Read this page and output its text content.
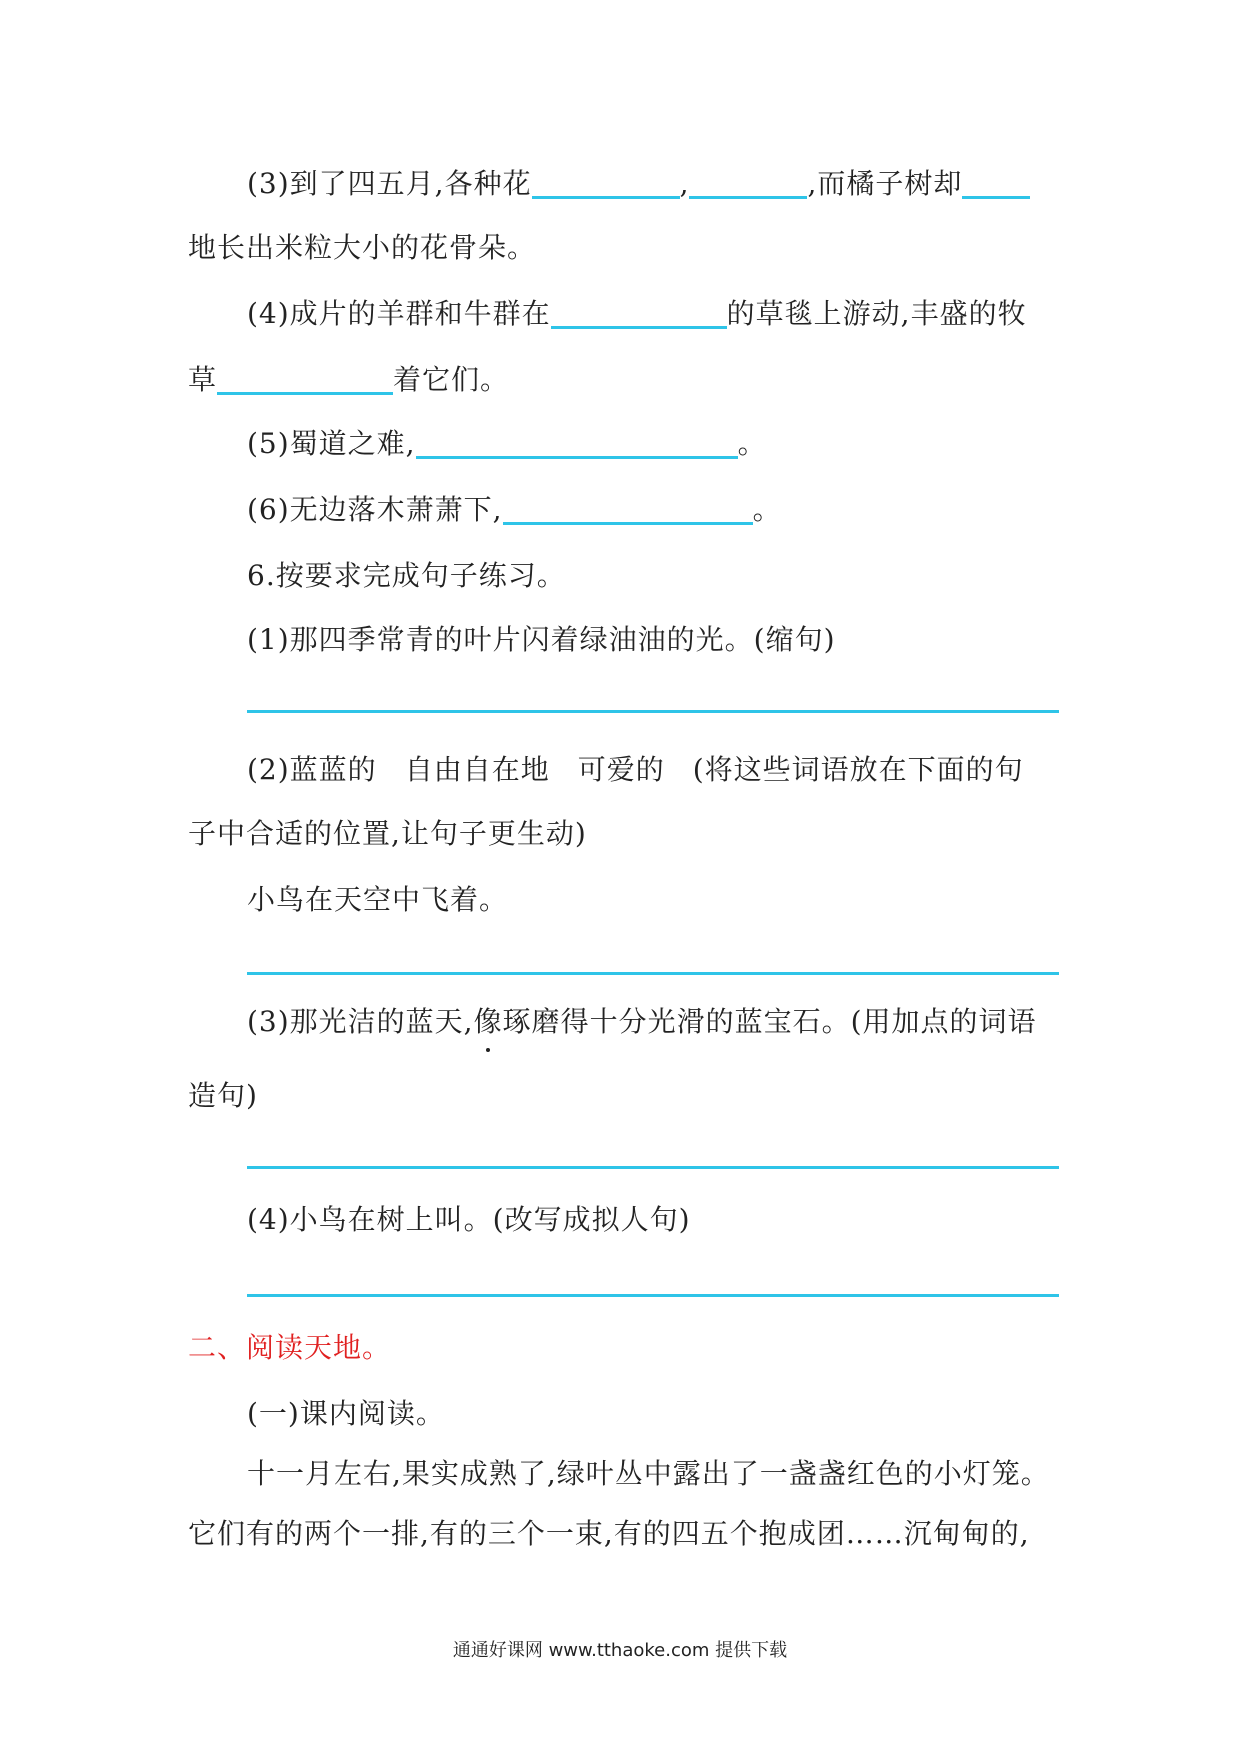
(3)到了四五月,各种花	,	,而橘子树却
地长出米粒大小的花骨朵。
(4)成片的羊群和牛群在	的草毯上游动,丰盛的牧
草	着它们。
(5)蜀道之难,	。
(6)无边落木萧萧下,	。
6.按要求完成句子练习。
(1)那四季常青的叶片闪着绿油油的光。(缩句)
(2)蓝蓝的 自由自在地 可爱的 (将这些词语放在下面的句
子中合适的位置,让句子更生动)
小鸟在天空中飞着。
(3)那光洁的蓝天,像琢磨得十分光滑的蓝宝石。(用加点的词语
造句)
(4)小鸟在树上叫。(改写成拟人句)
二、阅读天地。
(一)课内阅读。
十一月左右,果实成熟了,绿叶丛中露出了一盏盏红色的小灯笼。
它们有的两个一排,有的三个一束,有的四五个抱成团……沉甸甸的,
通通好课网 www.tthaoke.com 提供下载
